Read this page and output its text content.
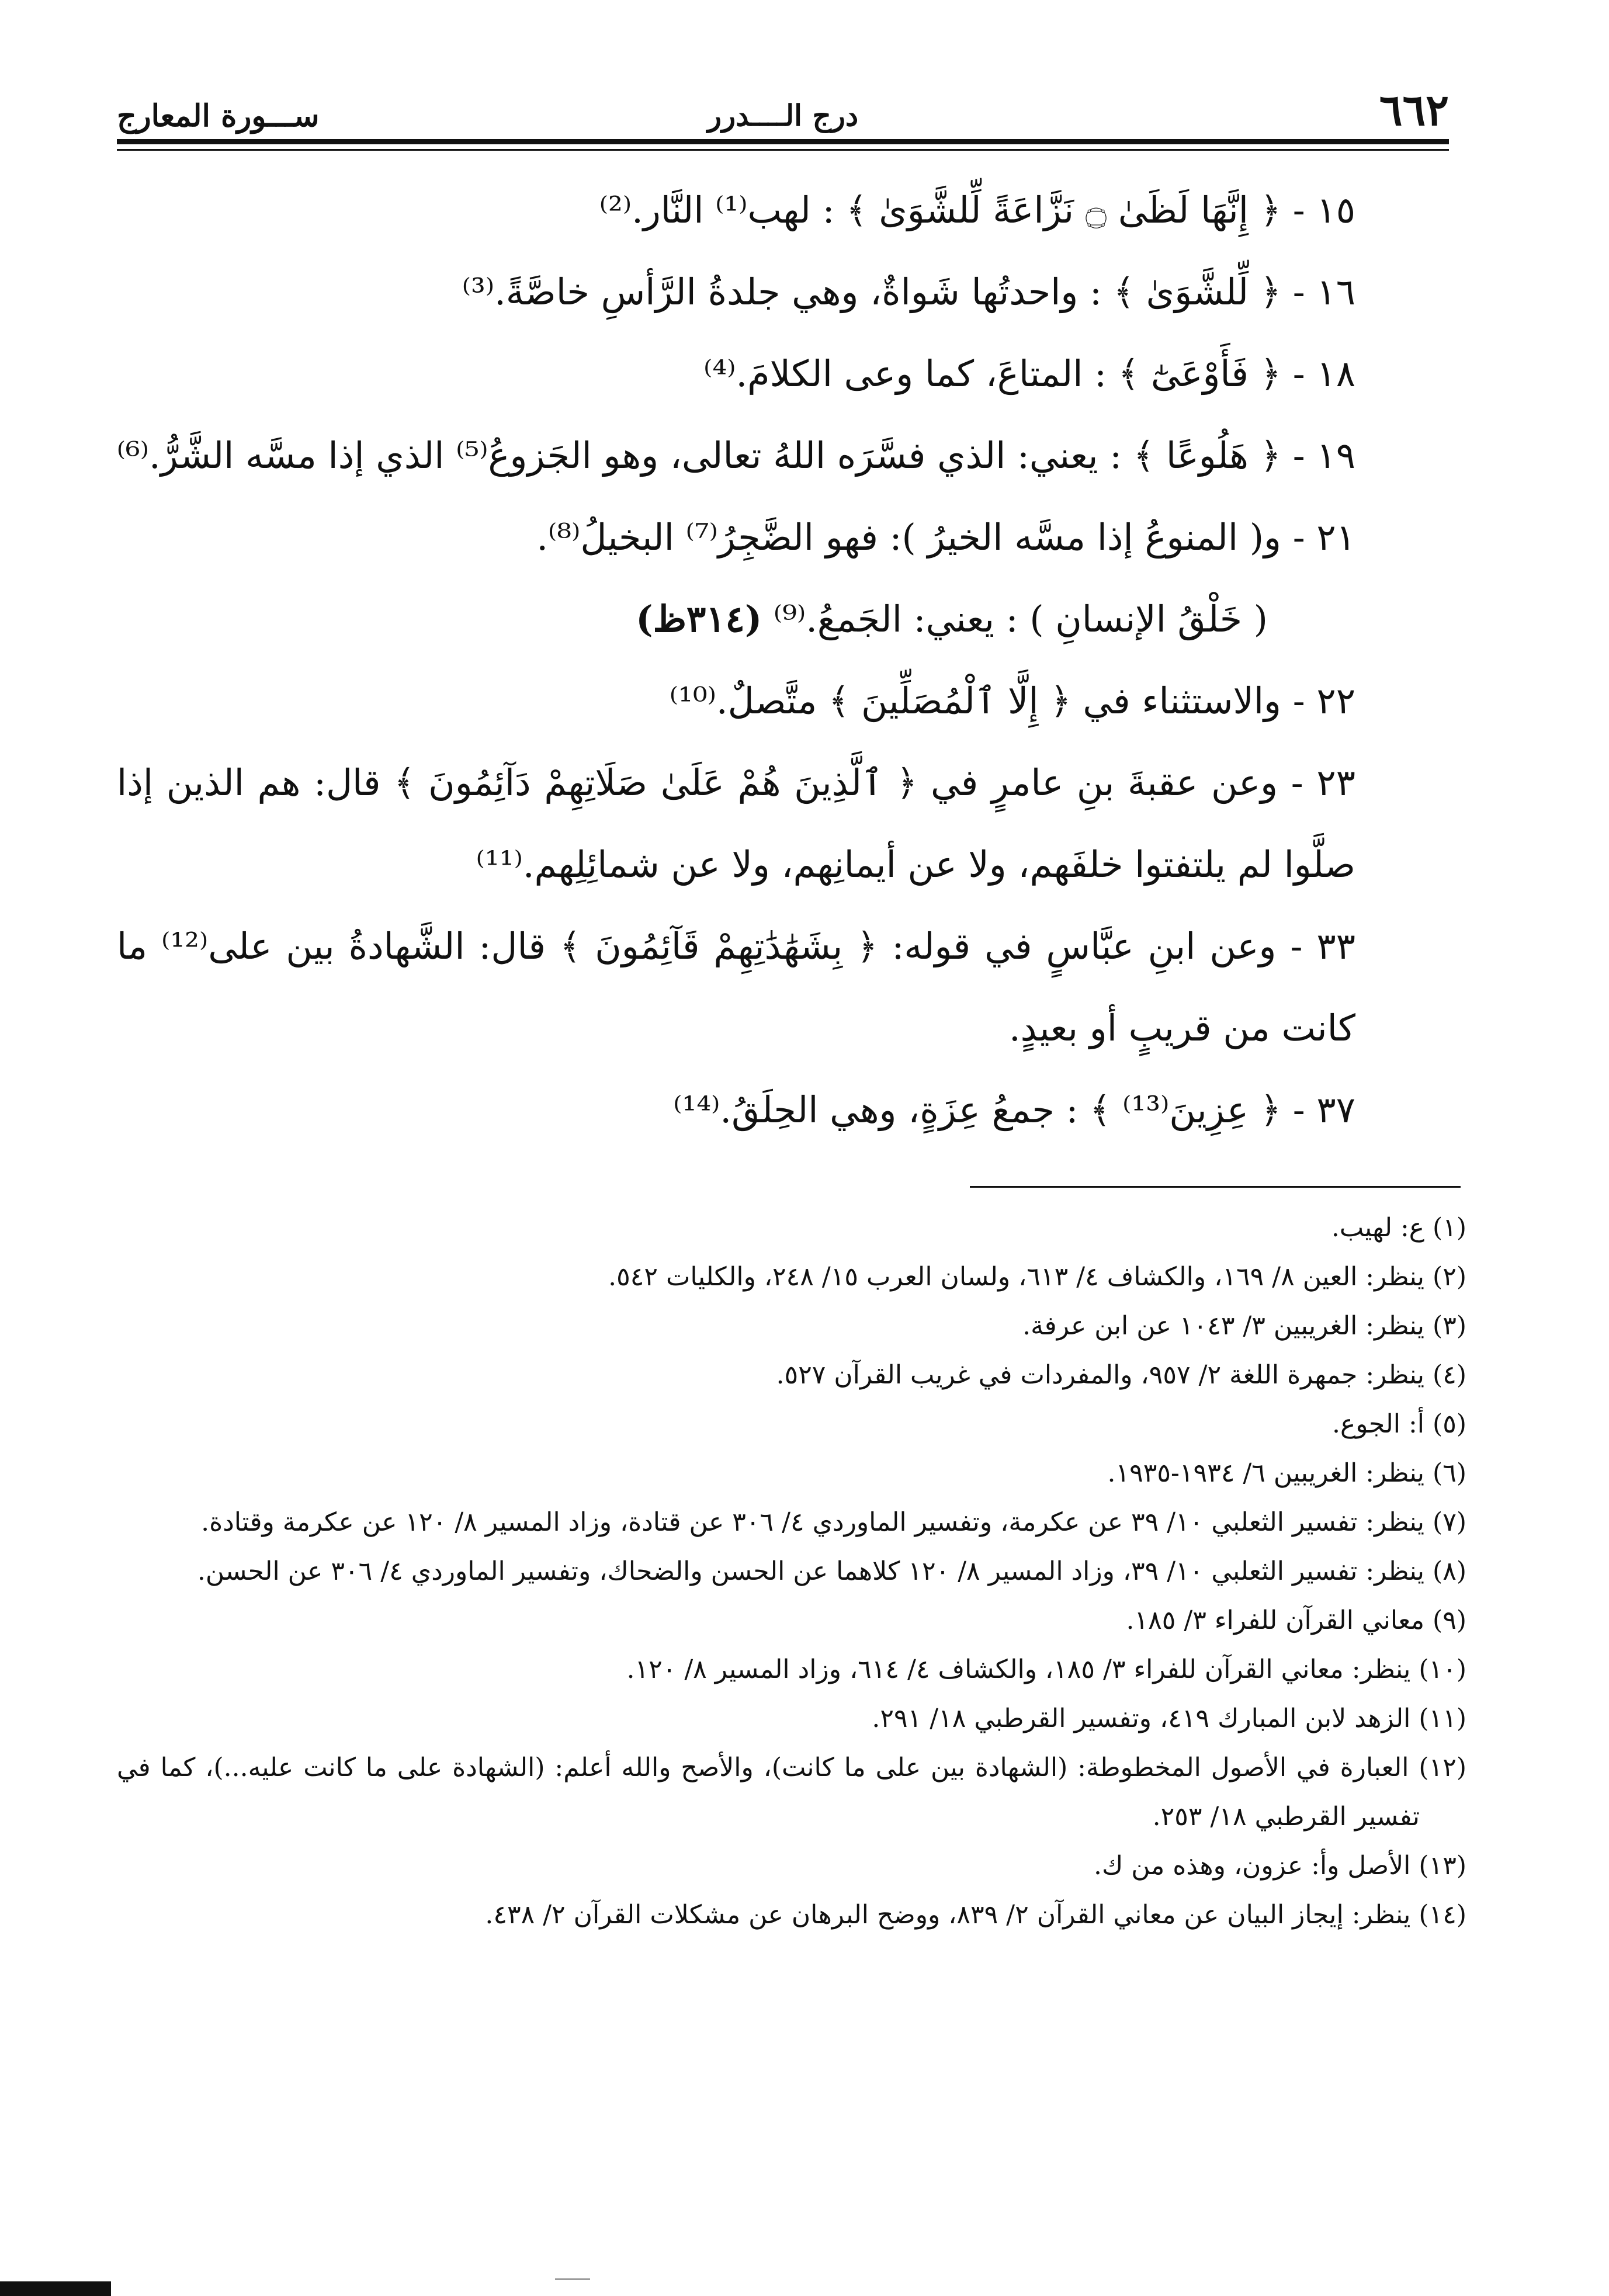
٦٦٢
درج الــــدرر
ســـورة المعارج
١٥ - ﴿ إِنَّهَا لَظَىٰ ۝ نَزَّاعَةً لِّلشَّوَىٰ ﴾ : لهب⁽¹⁾ النَّار.⁽²⁾
١٦ - ﴿ لِّلشَّوَىٰ ﴾ : واحدتُها شَواةٌ، وهي جلدةُ الرَّأسِ خاصَّةً.⁽³⁾
١٨ - ﴿ فَأَوْعَىٰٓ ﴾ : المتاعَ، كما وعى الكلامَ.⁽⁴⁾
١٩ - ﴿ هَلُوعًا ﴾ : يعني: الذي فسَّرَه اللهُ تعالى، وهو الجَزوعُ⁽⁵⁾ الذي إذا مسَّه الشَّرُّ.⁽⁶⁾
٢١ - و( المنوعُ إذا مسَّه الخيرُ ): فهو الضَّجِرُ⁽⁷⁾ البخيلُ⁽⁸⁾.
( خَلْقُ الإنسانِ ) : يعني: الجَمعُ.⁽⁹⁾ (٣١٤ظ)
٢٢ - والاستثناء في ﴿ إِلَّا ٱلْمُصَلِّينَ ﴾ متَّصلٌ.⁽¹⁰⁾
٢٣ - وعن عقبةَ بنِ عامرٍ في ﴿ ٱلَّذِينَ هُمْ عَلَىٰ صَلَاتِهِمْ دَآئِمُونَ ﴾ قال: هم الذين إذا صلَّوا لم يلتفتوا خلفَهم، ولا عن أيمانِهم، ولا عن شمائِلِهم.⁽¹¹⁾
٣٣ - وعن ابنِ عبَّاسٍ في قوله: ﴿ بِشَهَٰدَٰتِهِمْ قَآئِمُونَ ﴾ قال: الشَّهادةُ بين على⁽¹²⁾ ما كانت من قريبٍ أو بعيدٍ.
٣٧ - ﴿ عِزِينَ⁽¹³⁾ ﴾ : جمعُ عِزَةٍ، وهي الحِلَقُ.⁽¹⁴⁾
(١) ع: لهيب.
(٢) ينظر: العين ٨/ ١٦٩، والكشاف ٤/ ٦١٣، ولسان العرب ١٥/ ٢٤٨، والكليات ٥٤٢.
(٣) ينظر: الغريبين ٣/ ١٠٤٣ عن ابن عرفة.
(٤) ينظر: جمهرة اللغة ٢/ ٩٥٧، والمفردات في غريب القرآن ٥٢٧.
(٥) أ: الجوع.
(٦) ينظر: الغريبين ٦/ ١٩٣٤-١٩٣٥.
(٧) ينظر: تفسير الثعلبي ١٠/ ٣٩ عن عكرمة، وتفسير الماوردي ٤/ ٣٠٦ عن قتادة، وزاد المسير ٨/ ١٢٠ عن عكرمة وقتادة.
(٨) ينظر: تفسير الثعلبي ١٠/ ٣٩، وزاد المسير ٨/ ١٢٠ كلاهما عن الحسن والضحاك، وتفسير الماوردي ٤/ ٣٠٦ عن الحسن.
(٩) معاني القرآن للفراء ٣/ ١٨٥.
(١٠) ينظر: معاني القرآن للفراء ٣/ ١٨٥، والكشاف ٤/ ٦١٤، وزاد المسير ٨/ ١٢٠.
(١١) الزهد لابن المبارك ٤١٩، وتفسير القرطبي ١٨/ ٢٩١.
(١٢) العبارة في الأصول المخطوطة: (الشهادة بين على ما كانت)، والأصح والله أعلم: (الشهادة على ما كانت عليه...)، كما في تفسير القرطبي ١٨/ ٢٥٣.
(١٣) الأصل وأ: عزون، وهذه من ك.
(١٤) ينظر: إيجاز البيان عن معاني القرآن ٢/ ٨٣٩، ووضح البرهان عن مشكلات القرآن ٢/ ٤٣٨.
